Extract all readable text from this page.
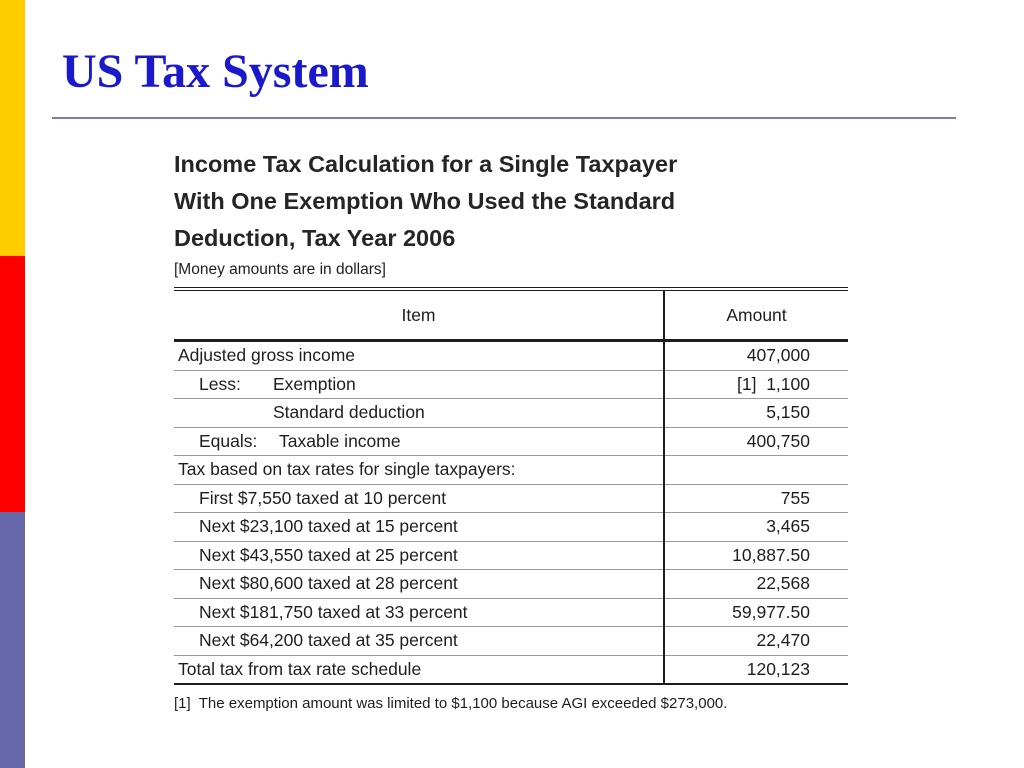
US Tax System
Income Tax Calculation for a Single Taxpayer
With One Exemption Who Used the Standard
Deduction, Tax Year 2006
[Money amounts are in dollars]
Item	Amount
Adjusted gross income	407,000
Less: Exemption	[1]  1,100
Standard deduction	5,150
Equals: Taxable income	400,750
Tax based on tax rates for single taxpayers:	
First $7,550 taxed at 10 percent	755
Next $23,100 taxed at 15 percent	3,465
Next $43,550 taxed at 25 percent	10,887.50
Next $80,600 taxed at 28 percent	22,568
Next $181,750 taxed at 33 percent	59,977.50
Next $64,200 taxed at 35 percent	22,470
Total tax from tax rate schedule	120,123
[1]  The exemption amount was limited to $1,100 because AGI exceeded $273,000.
